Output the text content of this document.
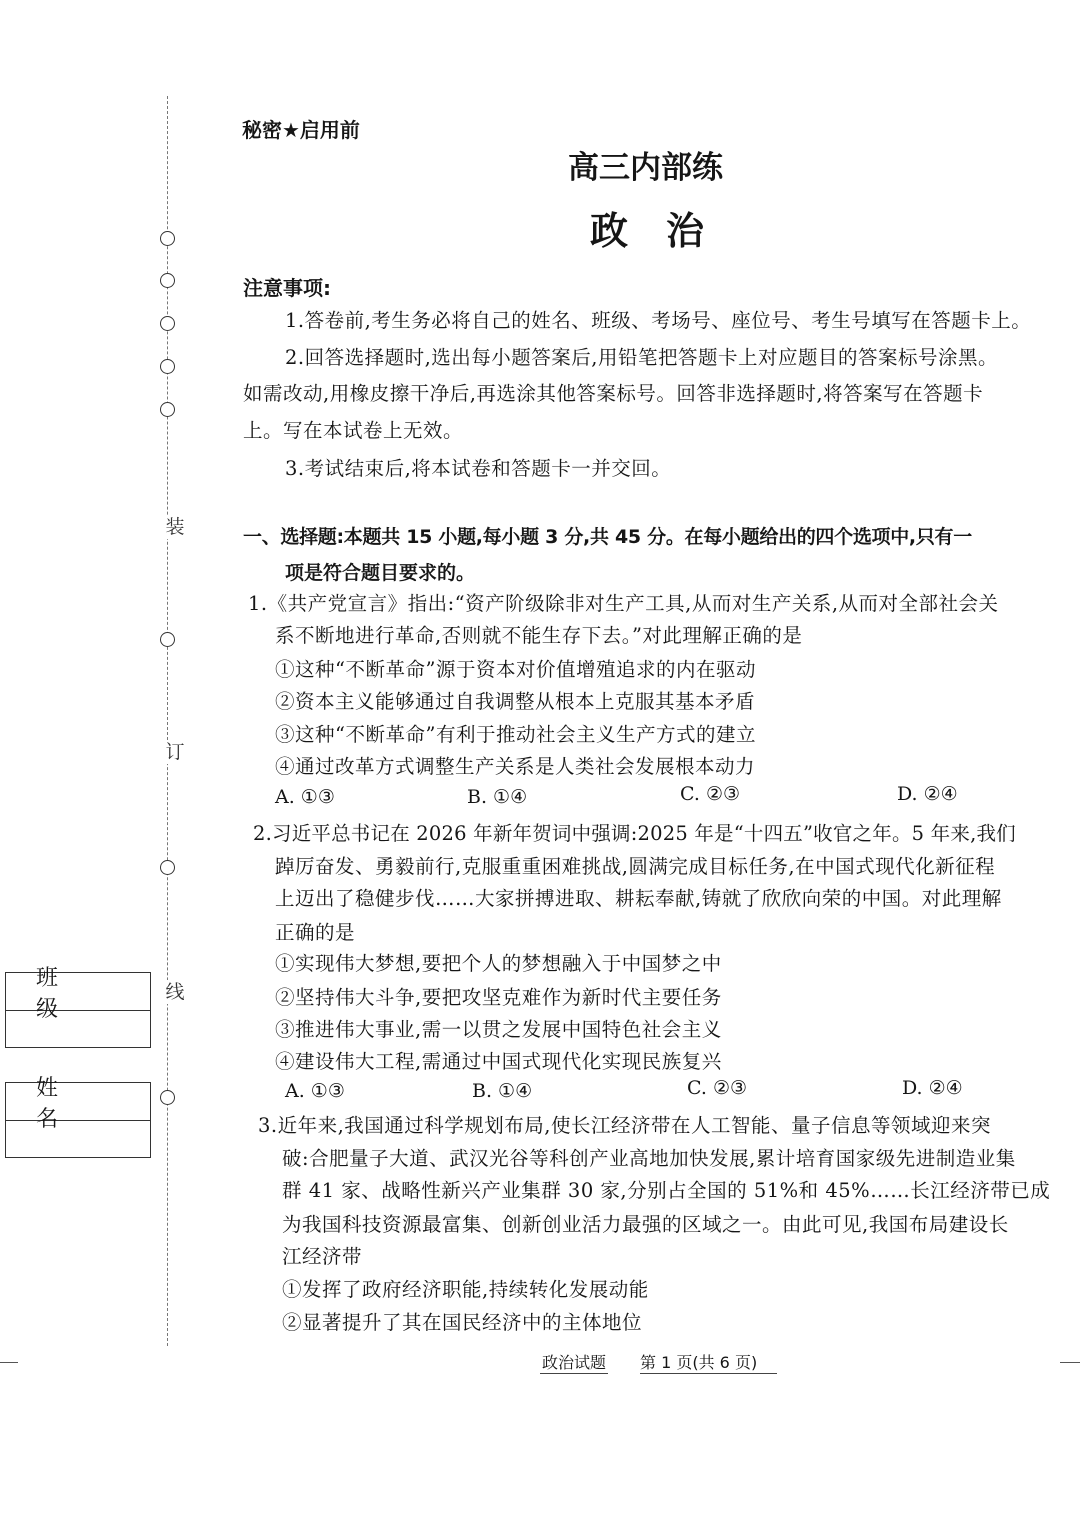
装
订
线
班　级
姓　名
秘密★启用前
高三内部练
政　治
注意事项:
1.答卷前,考生务必将自己的姓名、班级、考场号、座位号、考生号填写在答题卡上。
2.回答选择题时,选出每小题答案后,用铅笔把答题卡上对应题目的答案标号涂黑。
如需改动,用橡皮擦干净后,再选涂其他答案标号。回答非选择题时,将答案写在答题卡
上。写在本试卷上无效。
3.考试结束后,将本试卷和答题卡一并交回。
一、选择题:本题共 15 小题,每小题 3 分,共 45 分。在每小题给出的四个选项中,只有一
项是符合题目要求的。
1.《共产党宣言》指出:“资产阶级除非对生产工具,从而对生产关系,从而对全部社会关
系不断地进行革命,否则就不能生存下去。”对此理解正确的是
①这种“不断革命”源于资本对价值增殖追求的内在驱动
②资本主义能够通过自我调整从根本上克服其基本矛盾
③这种“不断革命”有利于推动社会主义生产方式的建立
④通过改革方式调整生产关系是人类社会发展根本动力
A. ①③	B. ①④	C. ②③	D. ②④
2.习近平总书记在 2026 年新年贺词中强调:2025 年是“十四五”收官之年。5 年来,我们
踔厉奋发、勇毅前行,克服重重困难挑战,圆满完成目标任务,在中国式现代化新征程
上迈出了稳健步伐……大家拼搏进取、耕耘奉献,铸就了欣欣向荣的中国。对此理解
正确的是
①实现伟大梦想,要把个人的梦想融入于中国梦之中
②坚持伟大斗争,要把攻坚克难作为新时代主要任务
③推进伟大事业,需一以贯之发展中国特色社会主义
④建设伟大工程,需通过中国式现代化实现民族复兴
A. ①③	B. ①④	C. ②③	D. ②④
3.近年来,我国通过科学规划布局,使长江经济带在人工智能、量子信息等领域迎来突
破:合肥量子大道、武汉光谷等科创产业高地加快发展,累计培育国家级先进制造业集
群 41 家、战略性新兴产业集群 30 家,分别占全国的 51%和 45%……长江经济带已成
为我国科技资源最富集、创新创业活力最强的区域之一。由此可见,我国布局建设长
江经济带
①发挥了政府经济职能,持续转化发展动能
②显著提升了其在国民经济中的主体地位
政治试题 第 1 页(共 6 页)
